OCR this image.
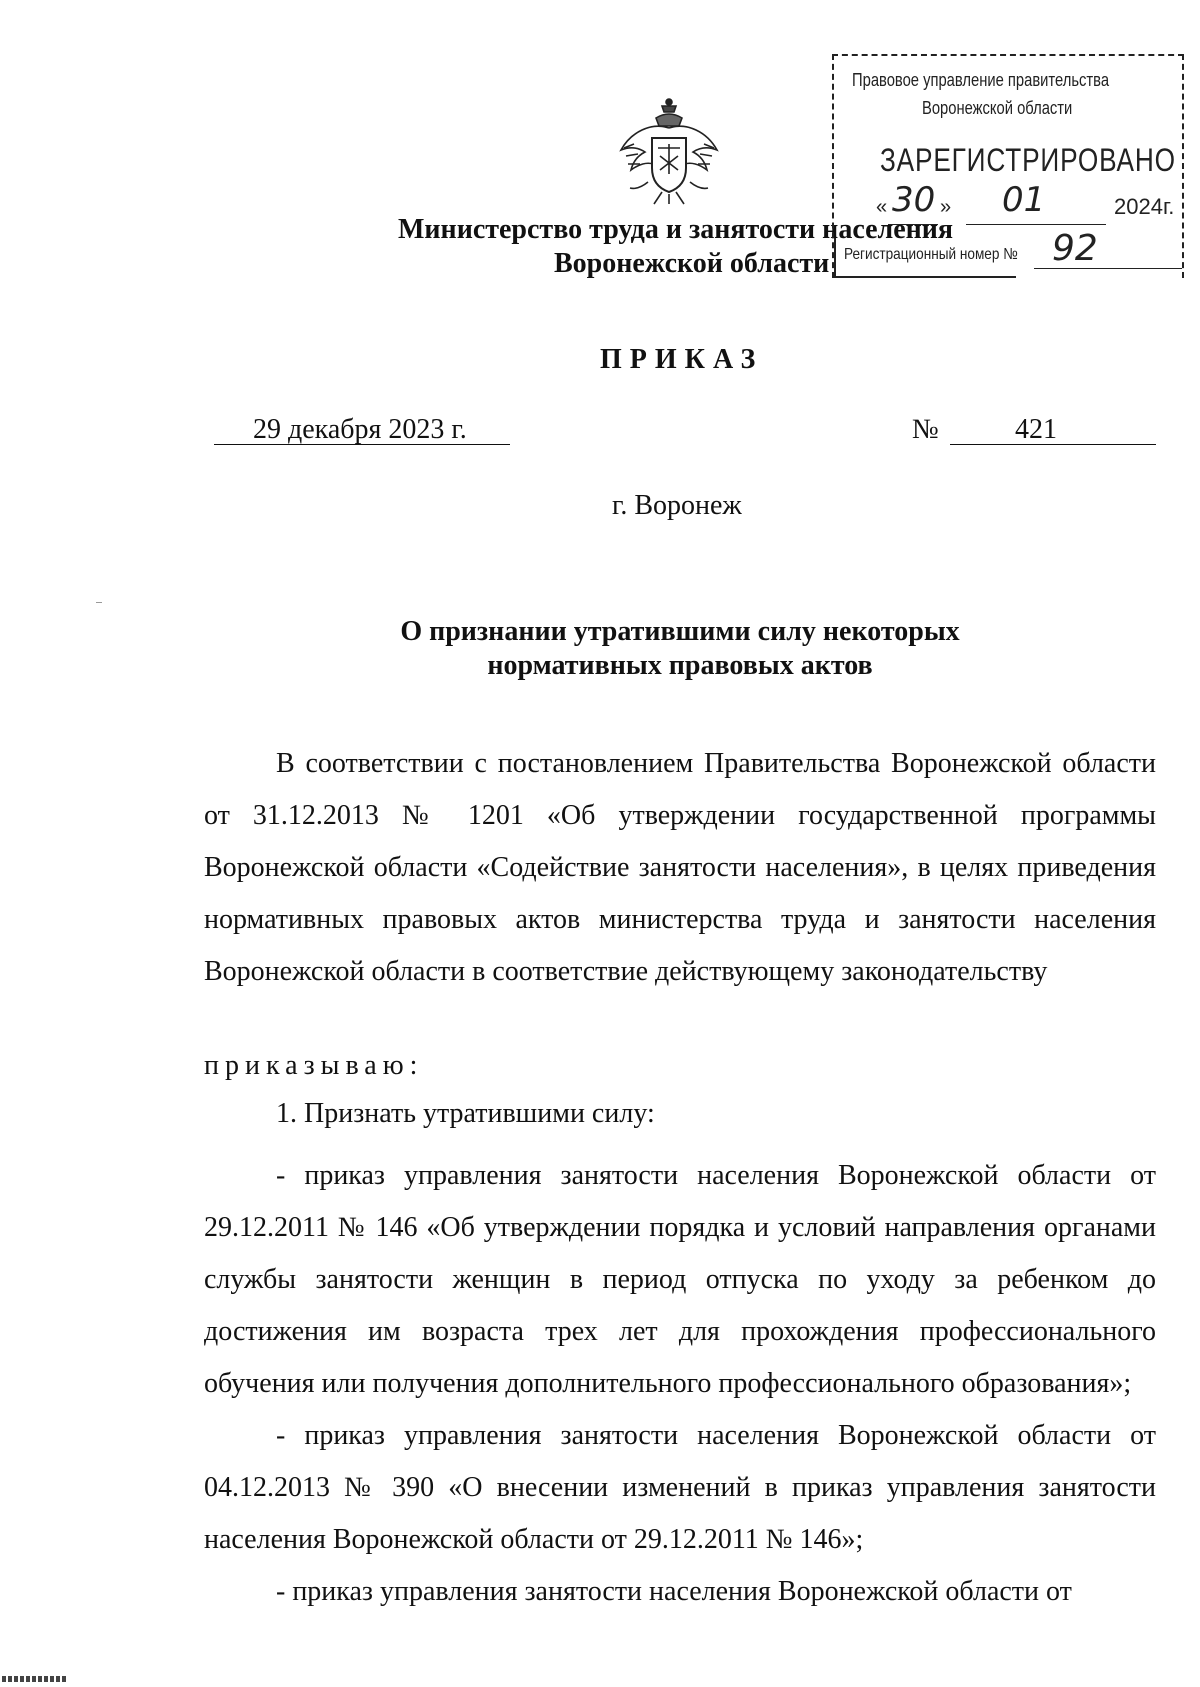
Министерство труда и занятости населения
Воронежской области
Правовое управление правительства
Воронежской области
ЗАРЕГИСТРИРОВАНО
« 30 » 01	2024г.
Регистрационный номер № 92
ПРИКАЗ
29 декабря 2023 г.	№	421
г. Воронеж
О признании утратившими силу некоторых
нормативных правовых актов
В соответствии с постановлением Правительства Воронежской области от 31.12.2013 № 1201 «Об утверждении государственной программы Воронежской области «Содействие занятости населения», в целях приведения нормативных правовых актов министерства труда и занятости населения Воронежской области в соответствие действующему законодательству
приказываю:
1. Признать утратившими силу:
- приказ управления занятости населения Воронежской области от 29.12.2011 № 146 «Об утверждении порядка и условий направления органами службы занятости женщин в период отпуска по уходу за ребенком до достижения им возраста трех лет для прохождения профессионального обучения или получения дополнительного профессионального образования»;
- приказ управления занятости населения Воронежской области от 04.12.2013 № 390 «О внесении изменений в приказ управления занятости населения Воронежской области от 29.12.2011 № 146»;
- приказ управления занятости населения Воронежской области от
